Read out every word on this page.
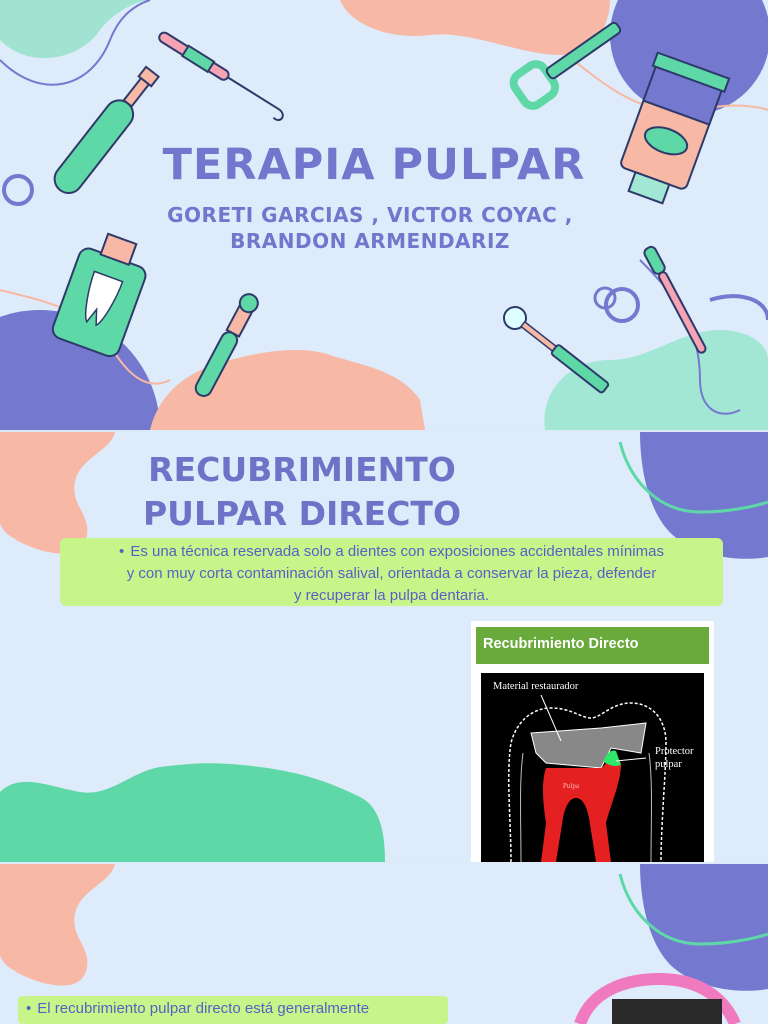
TERAPIA PULPAR
GORETI GARCIAS , VICTOR COYAC ,
BRANDON ARMENDARIZ
RECUBRIMIENTO
PULPAR DIRECTO
• Es una técnica reservada solo a dientes con exposiciones accidentales mínimas
y con muy corta contaminación salival, orientada a conservar la pieza, defender
y recuperar la pulpa dentaria.
Recubrimiento Directo
Material restaurador
Protector
pulpar
Pulpa
• El recubrimiento pulpar directo está generalmente
